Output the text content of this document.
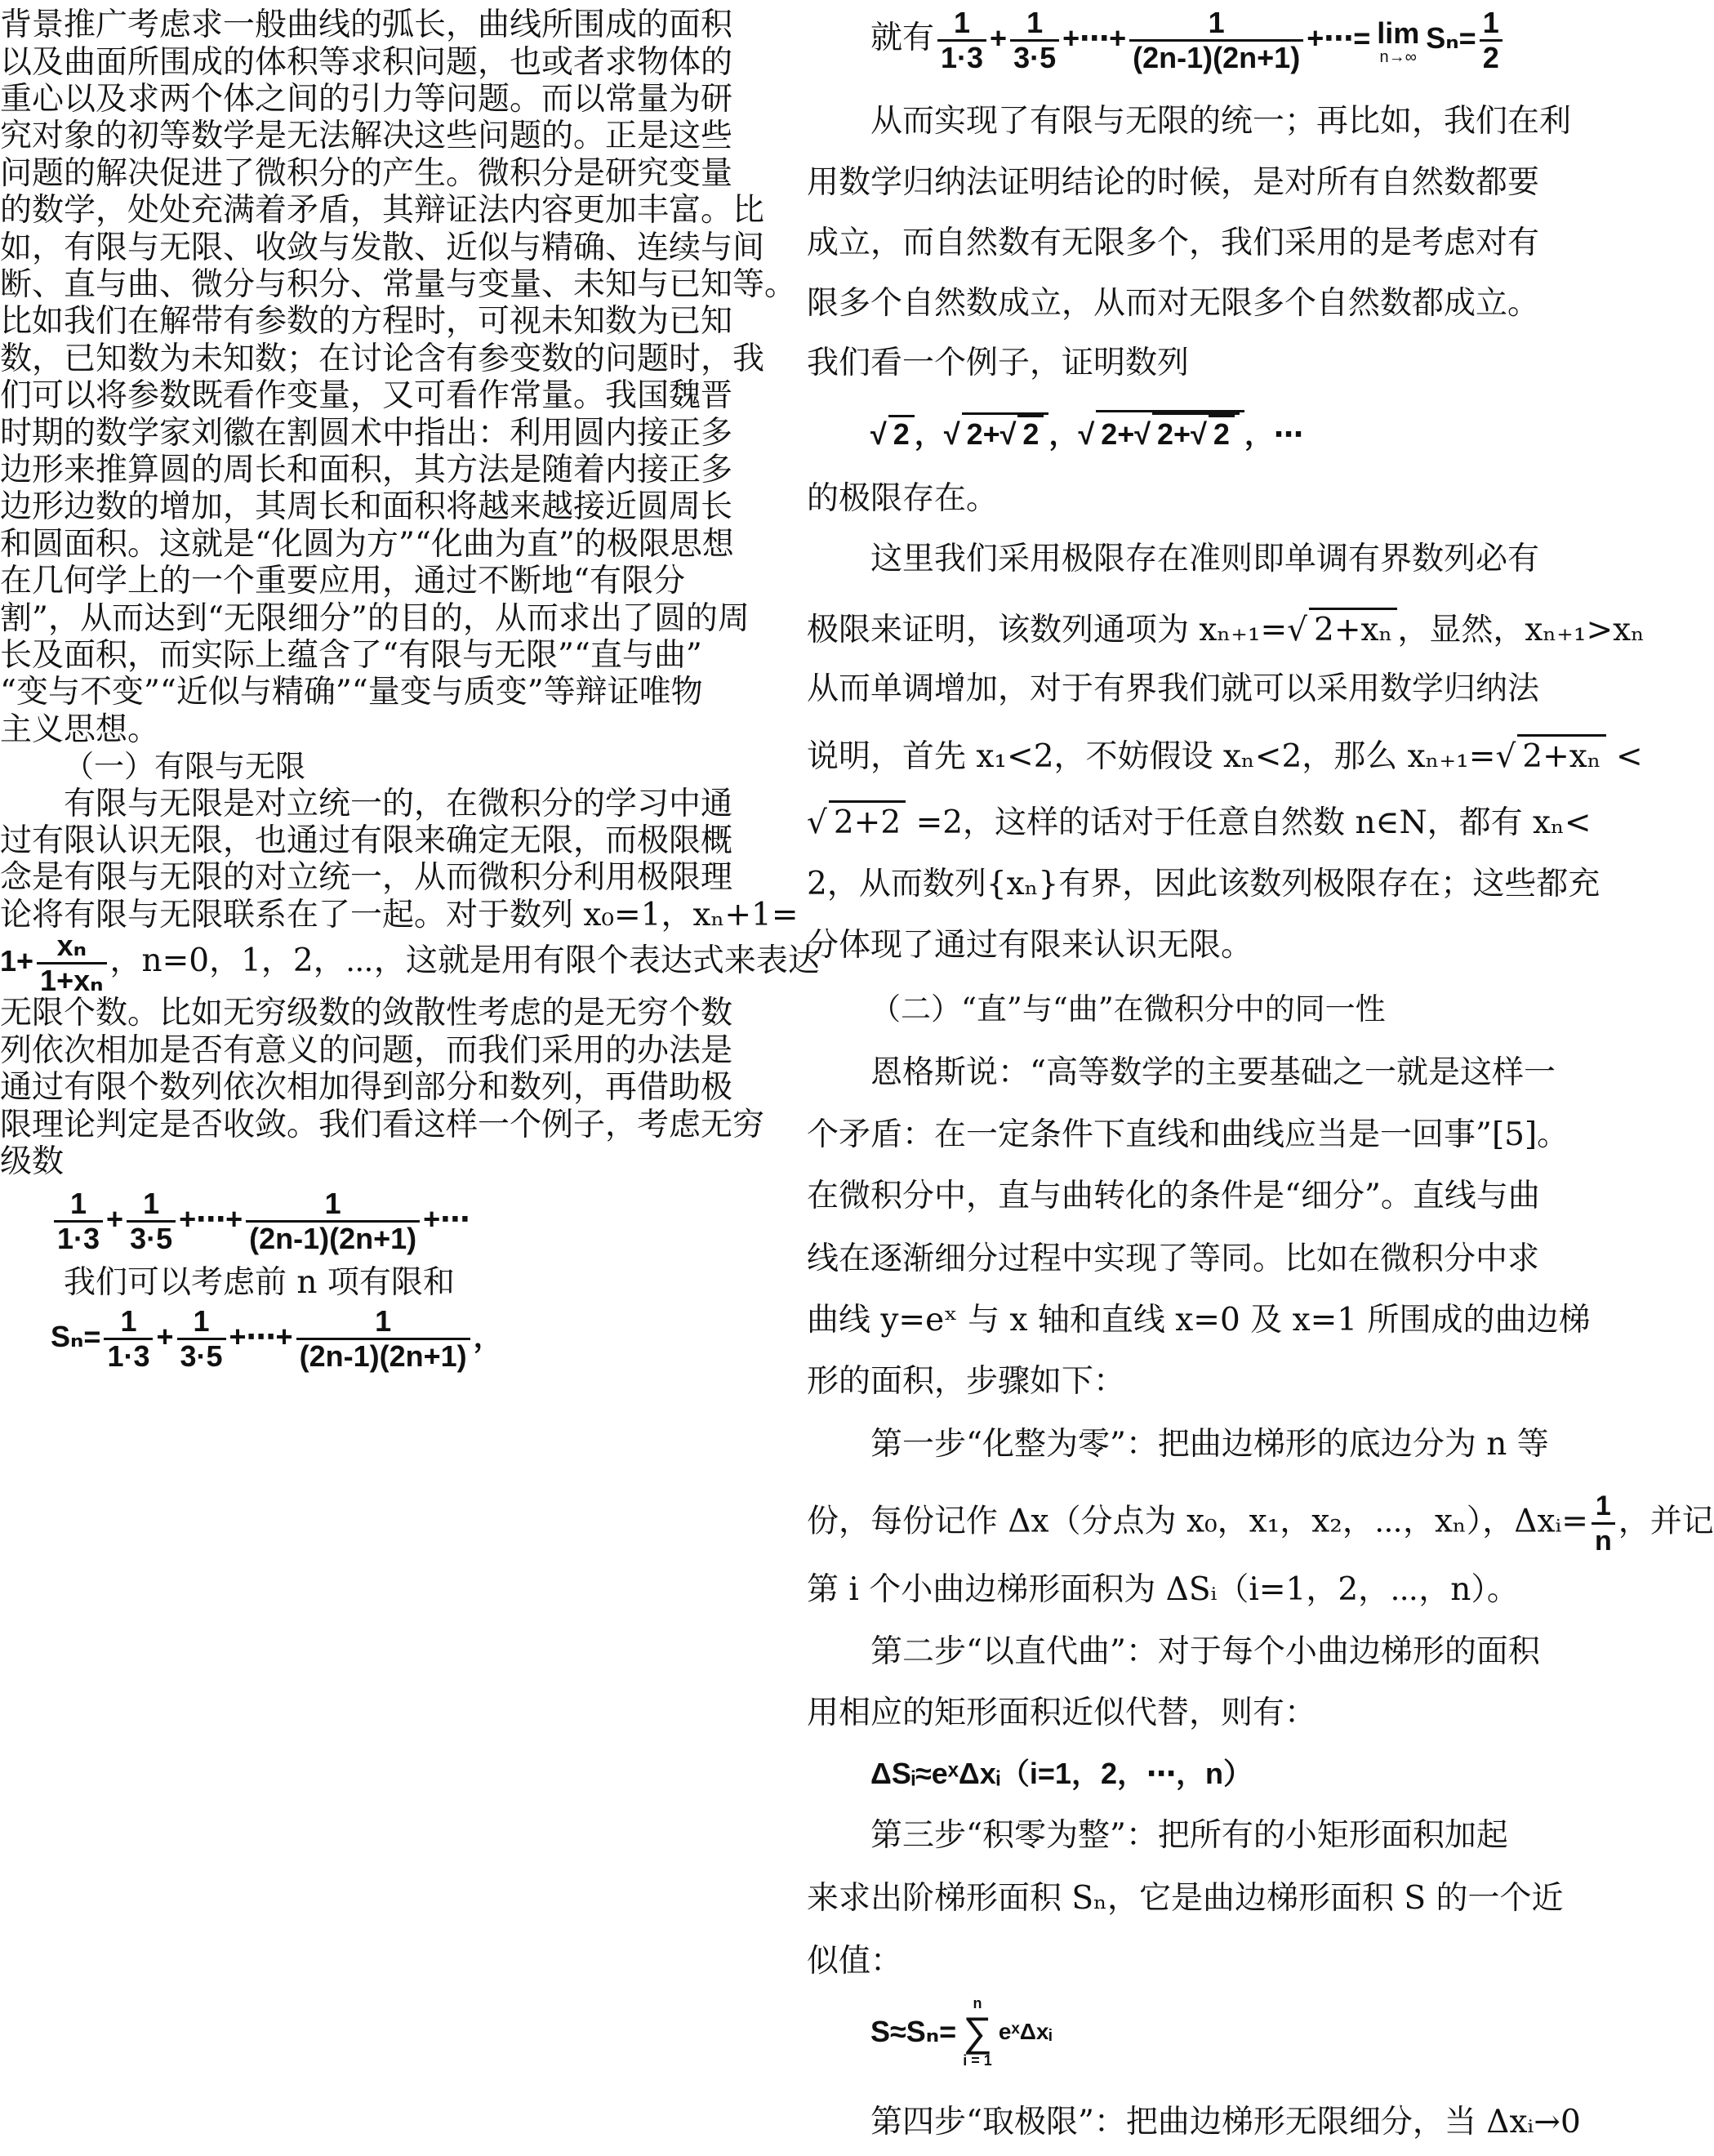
背景推广考虑求一般曲线的弧长，曲线所围成的面积
以及曲面所围成的体积等求积问题，也或者求物体的
重心以及求两个体之间的引力等问题。而以常量为研
究对象的初等数学是无法解决这些问题的。正是这些
问题的解决促进了微积分的产生。微积分是研究变量
的数学，处处充满着矛盾，其辩证法内容更加丰富。比
如，有限与无限、收敛与发散、近似与精确、连续与间
断、直与曲、微分与积分、常量与变量、未知与已知等。
比如我们在解带有参数的方程时，可视未知数为已知
数，已知数为未知数；在讨论含有参变数的问题时，我
们可以将参数既看作变量，又可看作常量。我国魏晋
时期的数学家刘徽在割圆术中指出：利用圆内接正多
边形来推算圆的周长和面积，其方法是随着内接正多
边形边数的增加，其周长和面积将越来越接近圆周长
和圆面积。这就是“化圆为方”“化曲为直”的极限思想
在几何学上的一个重要应用，通过不断地“有限分
割”，从而达到“无限细分”的目的，从而求出了圆的周
长及面积，而实际上蕴含了“有限与无限”“直与曲”
“变与不变”“近似与精确”“量变与质变”等辩证唯物
主义思想。
（一）有限与无限
有限与无限是对立统一的，在微积分的学习中通
过有限认识无限，也通过有限来确定无限，而极限概
念是有限与无限的对立统一，从而微积分利用极限理
论将有限与无限联系在了一起。对于数列 x₀=1，xₙ+1=
$1+ \frac{\text{xₙ}}{\text{1+xₙ}}$ ，n=0，1，2，⋯，这就是用有限个表达式来表达
无限个数。比如无穷级数的敛散性考虑的是无穷个数
列依次相加是否有意义的问题，而我们采用的办法是
通过有限个数列依次相加得到部分和数列，再借助极
限理论判定是否收敛。我们看这样一个例子，考虑无穷
级数
$\frac{1}{1\cdot 3} + \frac{1}{3\cdot 5}$ +⋯+ $\frac{1}{(2n-1)(2n+1)}$ +⋯
我们可以考虑前 n 项有限和
$S_n= \frac{1}{1\cdot 3} + \frac{1}{3\cdot 5}$ +⋯+ $\frac{1}{(2n-1)(2n+1)}$ ，
就有 $\frac{1}{1\cdot 3} + \frac{1}{3\cdot 5}$ +⋯+ $\frac{1}{(2n-1)(2n+1)}$ +⋯= lim
n→∞
$S_n= \frac{1}{2}$
从而实现了有限与无限的统一；再比如，我们在利
用数学归纳法证明结论的时候，是对所有自然数都要
成立，而自然数有无限多个，我们采用的是考虑对有
限多个自然数成立，从而对无限多个自然数都成立。
我们看一个例子，证明数列
√ 2 ，√ 2+√ 2 ，√ 2+√ 2+√ 2 ，⋯
的极限存在。
这里我们采用极限存在准则即单调有界数列必有
极限来证明，该数列通项为 xₙ₊₁=√ 2+xₙ ，显然，xₙ₊₁>xₙ
从而单调增加，对于有界我们就可以采用数学归纳法
说明，首先 x₁<2，不妨假设 xₙ<2，那么 xₙ₊₁=√ 2+xₙ <
√ 2+2 =2，这样的话对于任意自然数 n∈N，都有 xₙ<
2，从而数列{xₙ}有界，因此该数列极限存在；这些都充
分体现了通过有限来认识无限。
（二）“直”与“曲”在微积分中的同一性
恩格斯说：“高等数学的主要基础之一就是这样一
个矛盾：在一定条件下直线和曲线应当是一回事”[5]。
在微积分中，直与曲转化的条件是“细分”。直线与曲
线在逐渐细分过程中实现了等同。比如在微积分中求
曲线 y=eˣ 与 x 轴和直线 x=0 及 x=1 所围成的曲边梯
形的面积，步骤如下：
第一步“化整为零”：把曲边梯形的底边分为 n 等
份，每份记作 Δx（分点为 x₀，x₁，x₂，⋯，xₙ），Δxᵢ= $\frac{1}{n}$ ，并记
第 i 个小曲边梯形面积为 ΔSᵢ（i=1，2，⋯，n）。
第二步“以直代曲”：对于每个小曲边梯形的面积
用相应的矩形面积近似代替，则有：
ΔSᵢ≈eˣΔxᵢ（i=1，2，⋯，n）
第三步“积零为整”：把所有的小矩形面积加起
来求出阶梯形面积 Sₙ，它是曲边梯形面积 S 的一个近
似值：
S≈Sₙ=
n
∑
i = 1
eˣΔxᵢ
第四步“取极限”：把曲边梯形无限细分，当 Δxᵢ→0
